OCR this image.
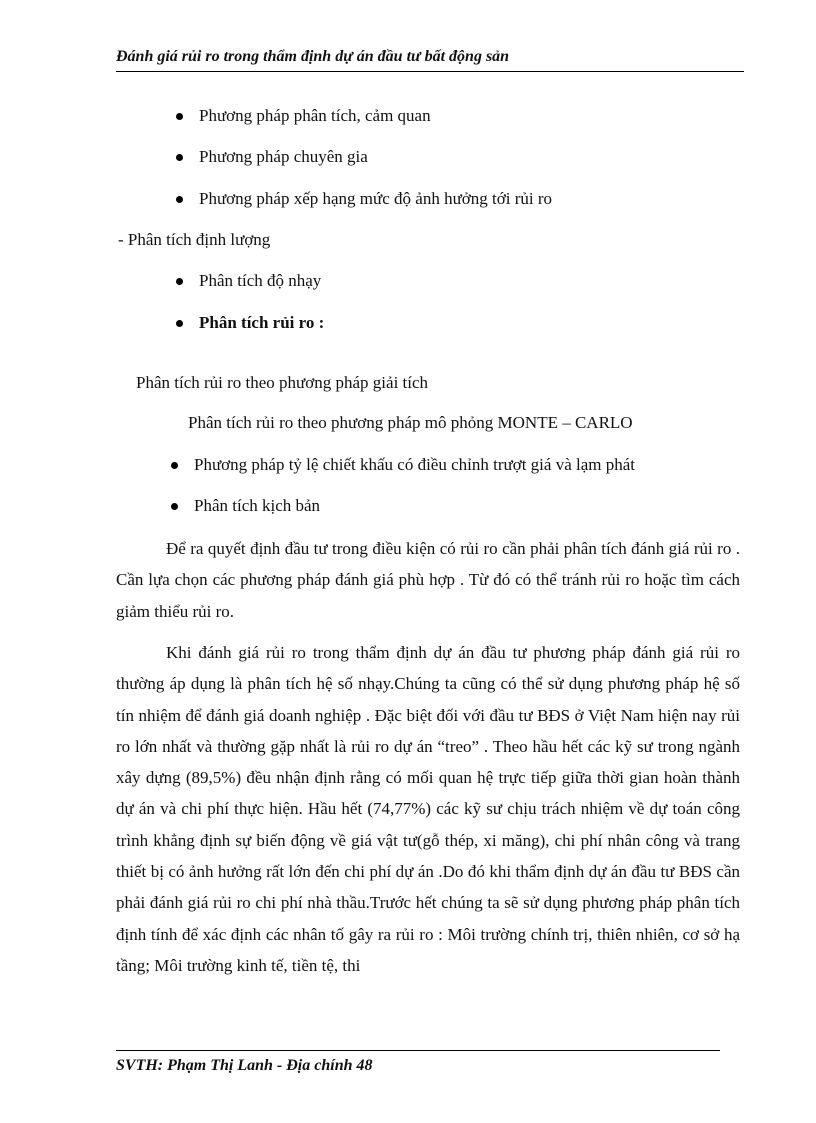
Đánh giá rủi ro trong thẩm định dự án đầu tư bất động sản
Phương pháp phân tích, cảm quan
Phương pháp chuyên gia
Phương pháp xếp hạng mức độ ảnh hưởng tới rủi ro
- Phân tích định lượng
Phân tích độ nhạy
Phân tích rủi ro :
Phân tích rủi ro theo phương pháp giải tích
Phân tích rủi ro theo phương pháp mô phỏng MONTE – CARLO
Phương pháp tỷ lệ chiết khấu có điều chỉnh trượt giá và lạm phát
Phân tích kịch bản

Để ra quyết định đầu tư trong điều kiện có rủi ro cần phải phân tích đánh giá rủi ro . Cần lựa chọn các phương pháp đánh giá phù hợp . Từ đó có thể tránh rủi ro hoặc tìm cách giảm thiểu rủi ro.

Khi đánh giá rủi ro trong thẩm định dự án đầu tư phương pháp đánh giá rủi ro thường áp dụng là phân tích hệ số nhạy.Chúng ta cũng có thể sử dụng phương pháp hệ số tín nhiệm để đánh giá doanh nghiệp . Đặc biệt đối với đầu tư BĐS ở Việt Nam hiện nay rủi ro lớn nhất và thường gặp nhất là rủi ro dự án “treo” . Theo hầu hết các kỹ sư trong ngành xây dựng (89,5%) đều nhận định rằng có mối quan hệ trực tiếp giữa thời gian hoàn thành dự án và chi phí thực hiện. Hầu hết (74,77%) các kỹ sư chịu trách nhiệm về dự toán công trình khẳng định sự biến động về giá vật tư(gỗ thép, xi măng), chi phí nhân công và trang thiết bị có ảnh hưởng rất lớn đến chi phí dự án .Do đó khi thẩm định dự án đầu tư BĐS cần phải đánh giá rủi ro chi phí nhà thầu.Trước hết chúng ta sẽ sử dụng phương pháp phân tích định tính để xác định các nhân tố gây ra rủi ro : Môi trường chính trị, thiên nhiên, cơ sở hạ tầng; Môi trường kinh tế, tiền tệ, thi

SVTH: Phạm Thị Lanh - Địa chính 48
